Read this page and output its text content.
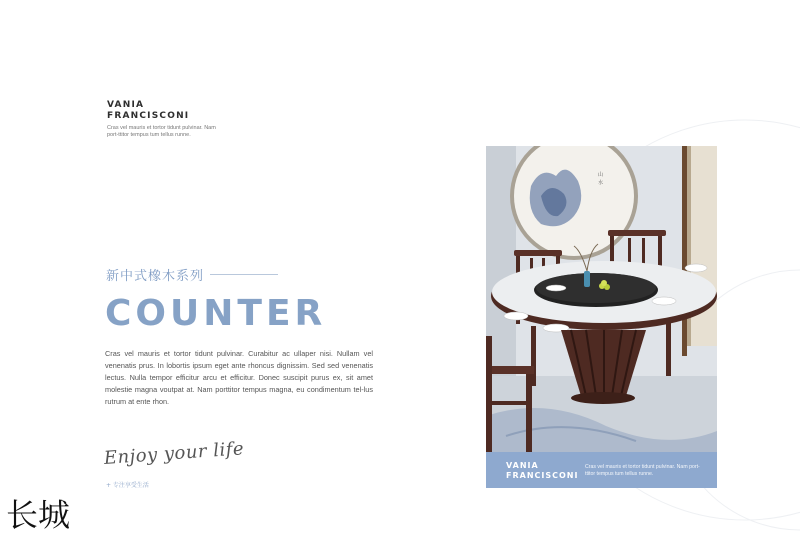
VANIA
FRANCISCONI
Cras vel mauris et tortor tidunt pulvinar. Nam port-ttitor tempus tum tellus runne.
新中式橡木系列
COUNTER
Cras vel mauris et tortor tidunt pulvinar. Curabitur ac ullaper nisi. Nullam vel venenatis prus. In lobortis ipsum eget ante rhoncus dignissim. Sed sed venenatis lectus. Nulla tempor efficitur arcu et efficitur. Donec suscipit purus ex, sit amet molestie magna voutpat at. Nam porttitor tempus magna, eu condimentum tel-lus rutrum at ente rhon.
Enjoy your life
+ 专注享受生活
长城
山
水
VANIA
FRANCISCONI
Cras vel mauris et tortor tidunt pulvinar. Nam port-ttitor tempus tum tellus runne.
